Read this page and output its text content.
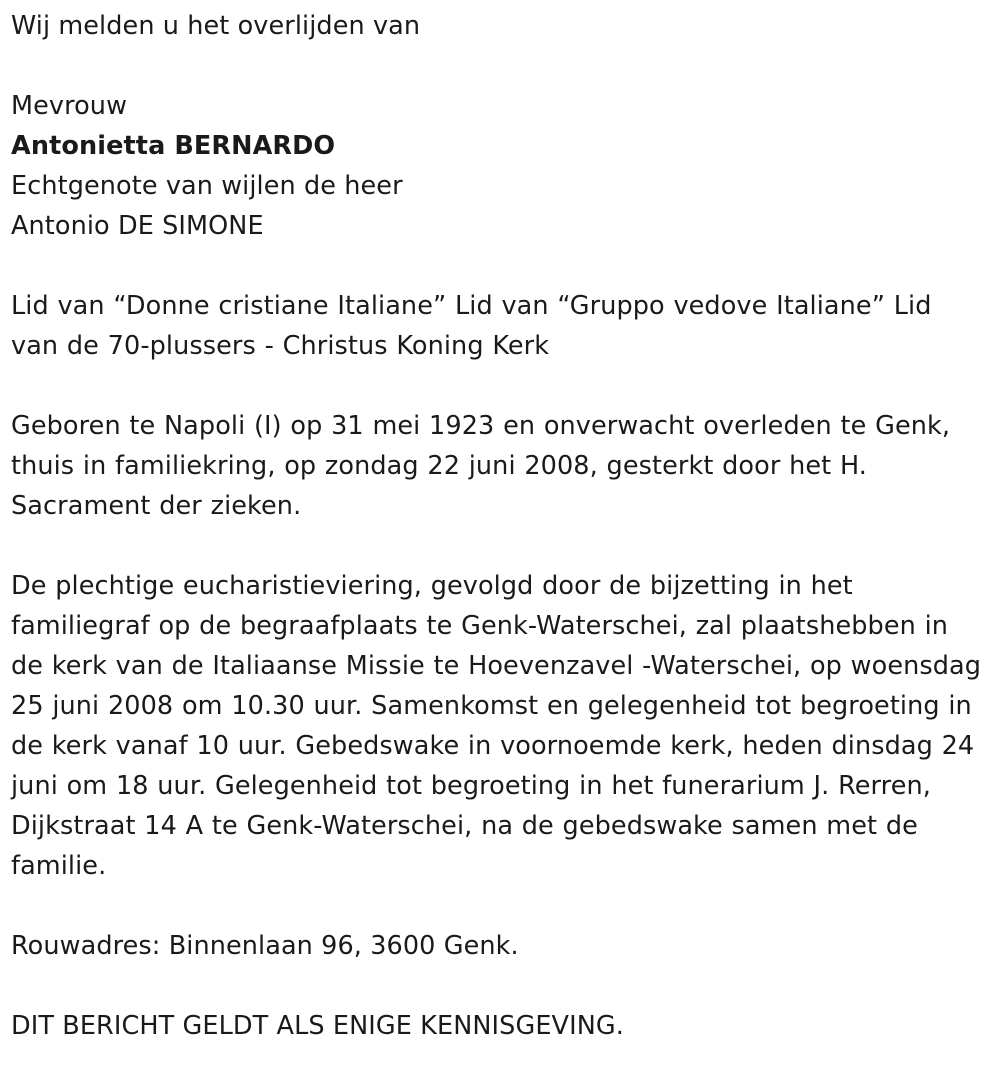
Wij melden u het overlijden van

Mevrouw

Antonietta BERNARDO

Echtgenote van wijlen de heer

Antonio DE SIMONE

Lid van “Donne cristiane Italiane” Lid van “Gruppo vedove Italiane” Lid van de 70-plussers - Christus Koning Kerk

Geboren te Napoli (I) op 31 mei 1923 en onverwacht overleden te Genk, thuis in familiekring, op zondag 22 juni 2008, gesterkt door het H. Sacrament der zieken.

De plechtige eucharistieviering, gevolgd door de bijzetting in het familiegraf op de begraafplaats te Genk-Waterschei, zal plaatshebben in de kerk van de Italiaanse Missie te Hoevenzavel -Waterschei, op woensdag 25 juni 2008 om 10.30 uur. Samenkomst en gelegenheid tot begroeting in de kerk vanaf 10 uur. Gebedswake in voornoemde kerk, heden dinsdag 24 juni om 18 uur. Gelegenheid tot begroeting in het funerarium J. Rerren, Dijkstraat 14 A te Genk-Waterschei, na de gebedswake samen met de familie.

Rouwadres: Binnenlaan 96, 3600 Genk.

DIT BERICHT GELDT ALS ENIGE KENNISGEVING.
